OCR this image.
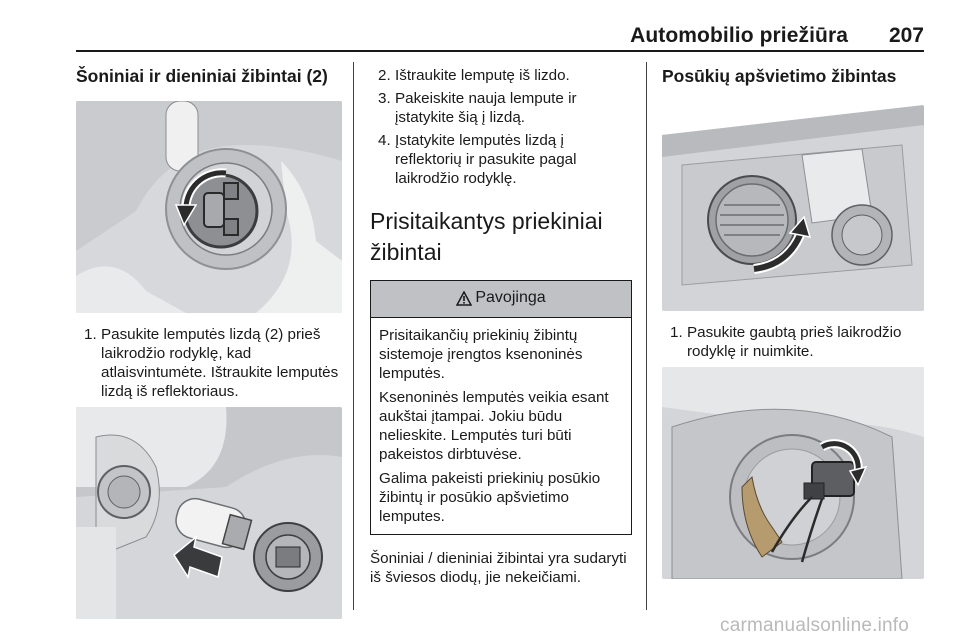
Automobilio priežiūra 207
Šoniniai ir dieniniai žibintai (2)
1. Pasukite lemputės lizdą (2) prieš laikrodžio rodyklę, kad atlaisvintumėte. Ištraukite lemputės lizdą iš reflektoriaus.
2. Ištraukite lemputę iš lizdo.
3. Pakeiskite nauja lempute ir įstatykite šią į lizdą.
4. Įstatykite lemputės lizdą į reflektorių ir pasukite pagal laikrodžio rodyklę.
Prisitaikantys priekiniai
žibintai
Pavojinga

Prisitaikančių priekinių žibintų sistemoje įrengtos ksenoninės lemputės.

Ksenoninės lemputės veikia esant aukštai įtampai. Jokiu būdu nelieskite. Lemputės turi būti pakeistos dirbtuvėse.

Galima pakeisti priekinių posūkio žibintų ir posūkio apšvietimo lemputes.

Šoniniai / dieniniai žibintai yra sudaryti iš šviesos diodų, jie nekeičiami.

Posūkių apšvietimo žibintas
1. Pasukite gaubtą prieš laikrodžio rodyklę ir nuimkite.
carmanualsonline.info
